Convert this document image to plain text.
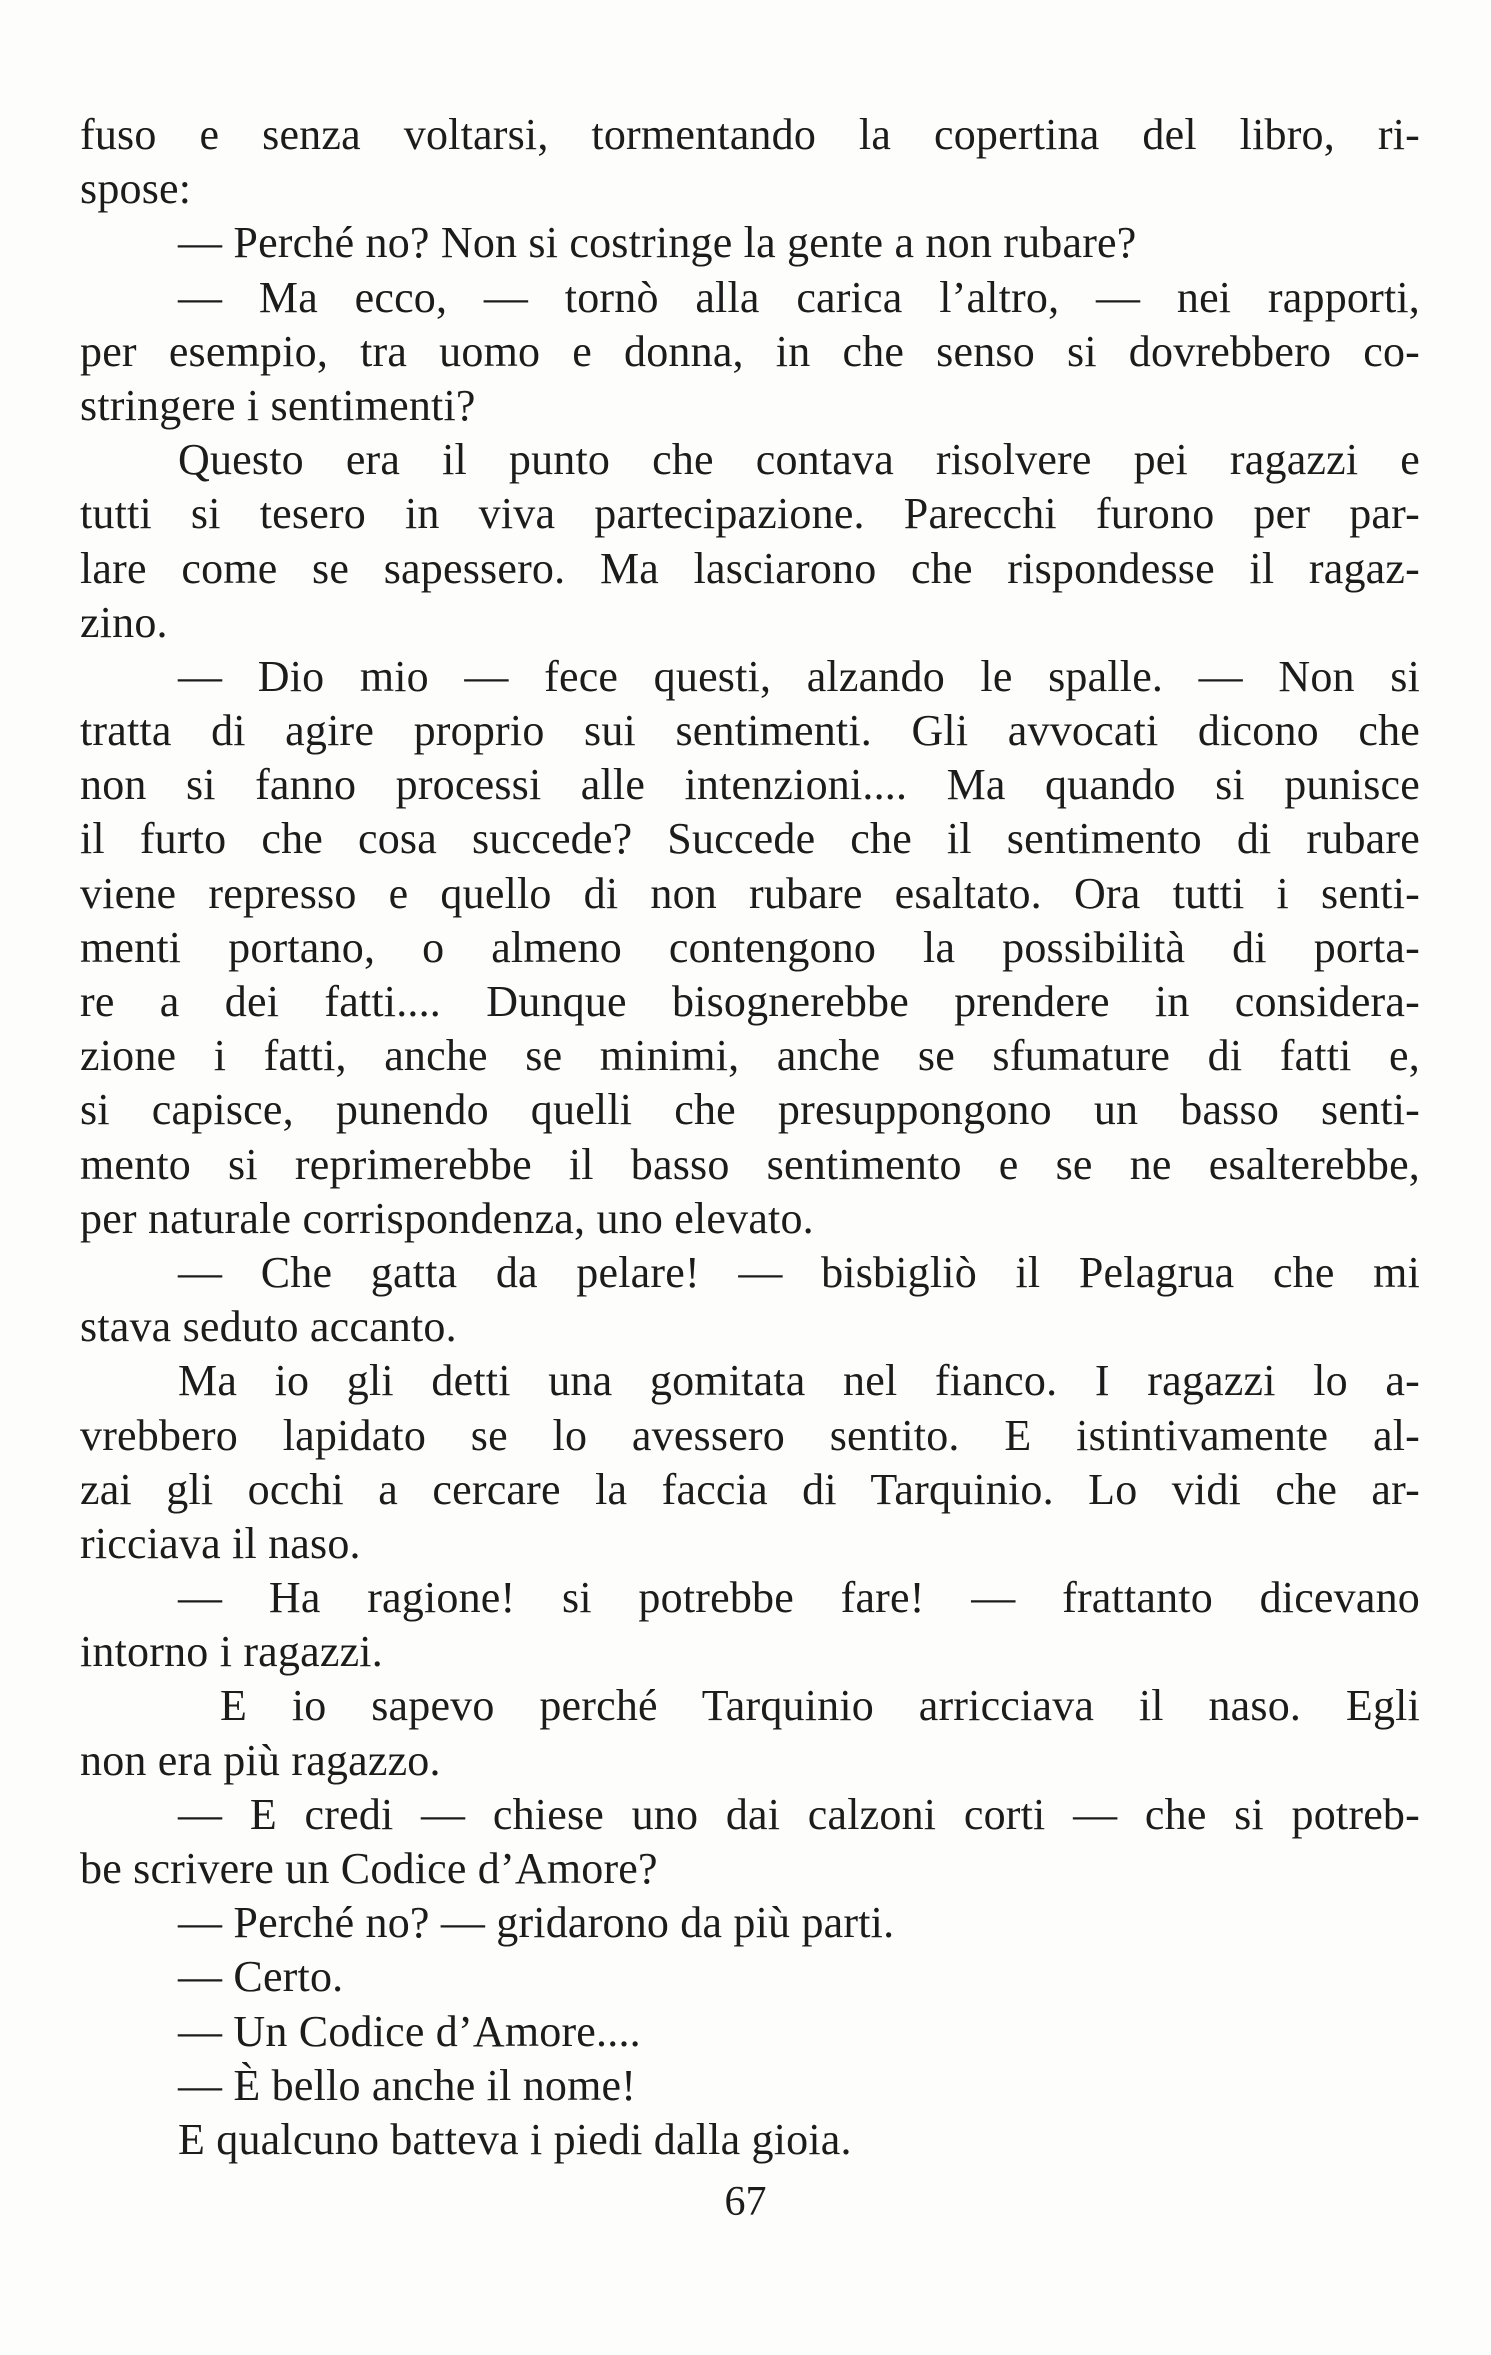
fuso e senza voltarsi, tormentando la copertina del libro, ri-
spose:
— Perché no? Non si costringe la gente a non rubare?
— Ma ecco, — tornò alla carica l’altro, — nei rapporti,
per esempio, tra uomo e donna, in che senso si dovrebbero co-
stringere i sentimenti?
Questo era il punto che contava risolvere pei ragazzi e
tutti si tesero in viva partecipazione. Parecchi furono per par-
lare come se sapessero. Ma lasciarono che rispondesse il ragaz-
zino.
— Dio mio — fece questi, alzando le spalle. — Non si
tratta di agire proprio sui sentimenti. Gli avvocati dicono che
non si fanno processi alle intenzioni.... Ma quando si punisce
il furto che cosa succede? Succede che il sentimento di rubare
viene represso e quello di non rubare esaltato. Ora tutti i senti-
menti portano, o almeno contengono la possibilità di porta-
re a dei fatti.... Dunque bisognerebbe prendere in considera-
zione i fatti, anche se minimi, anche se sfumature di fatti e,
si capisce, punendo quelli che presuppongono un basso senti-
mento si reprimerebbe il basso sentimento e se ne esalterebbe,
per naturale corrispondenza, uno elevato.
— Che gatta da pelare! — bisbigliò il Pelagrua che mi
stava seduto accanto.
Ma io gli detti una gomitata nel fianco. I ragazzi lo a-
vrebbero lapidato se lo avessero sentito. E istintivamente al-
zai gli occhi a cercare la faccia di Tarquinio. Lo vidi che ar-
ricciava il naso.
— Ha ragione! si potrebbe fare! — frattanto dicevano
intorno i ragazzi.
E io sapevo perché Tarquinio arricciava il naso. Egli
non era più ragazzo.
— E credi — chiese uno dai calzoni corti — che si potreb-
be scrivere un Codice d’Amore?
— Perché no? — gridarono da più parti.
— Certo.
— Un Codice d’Amore....
— È bello anche il nome!
E qualcuno batteva i piedi dalla gioia.
67
